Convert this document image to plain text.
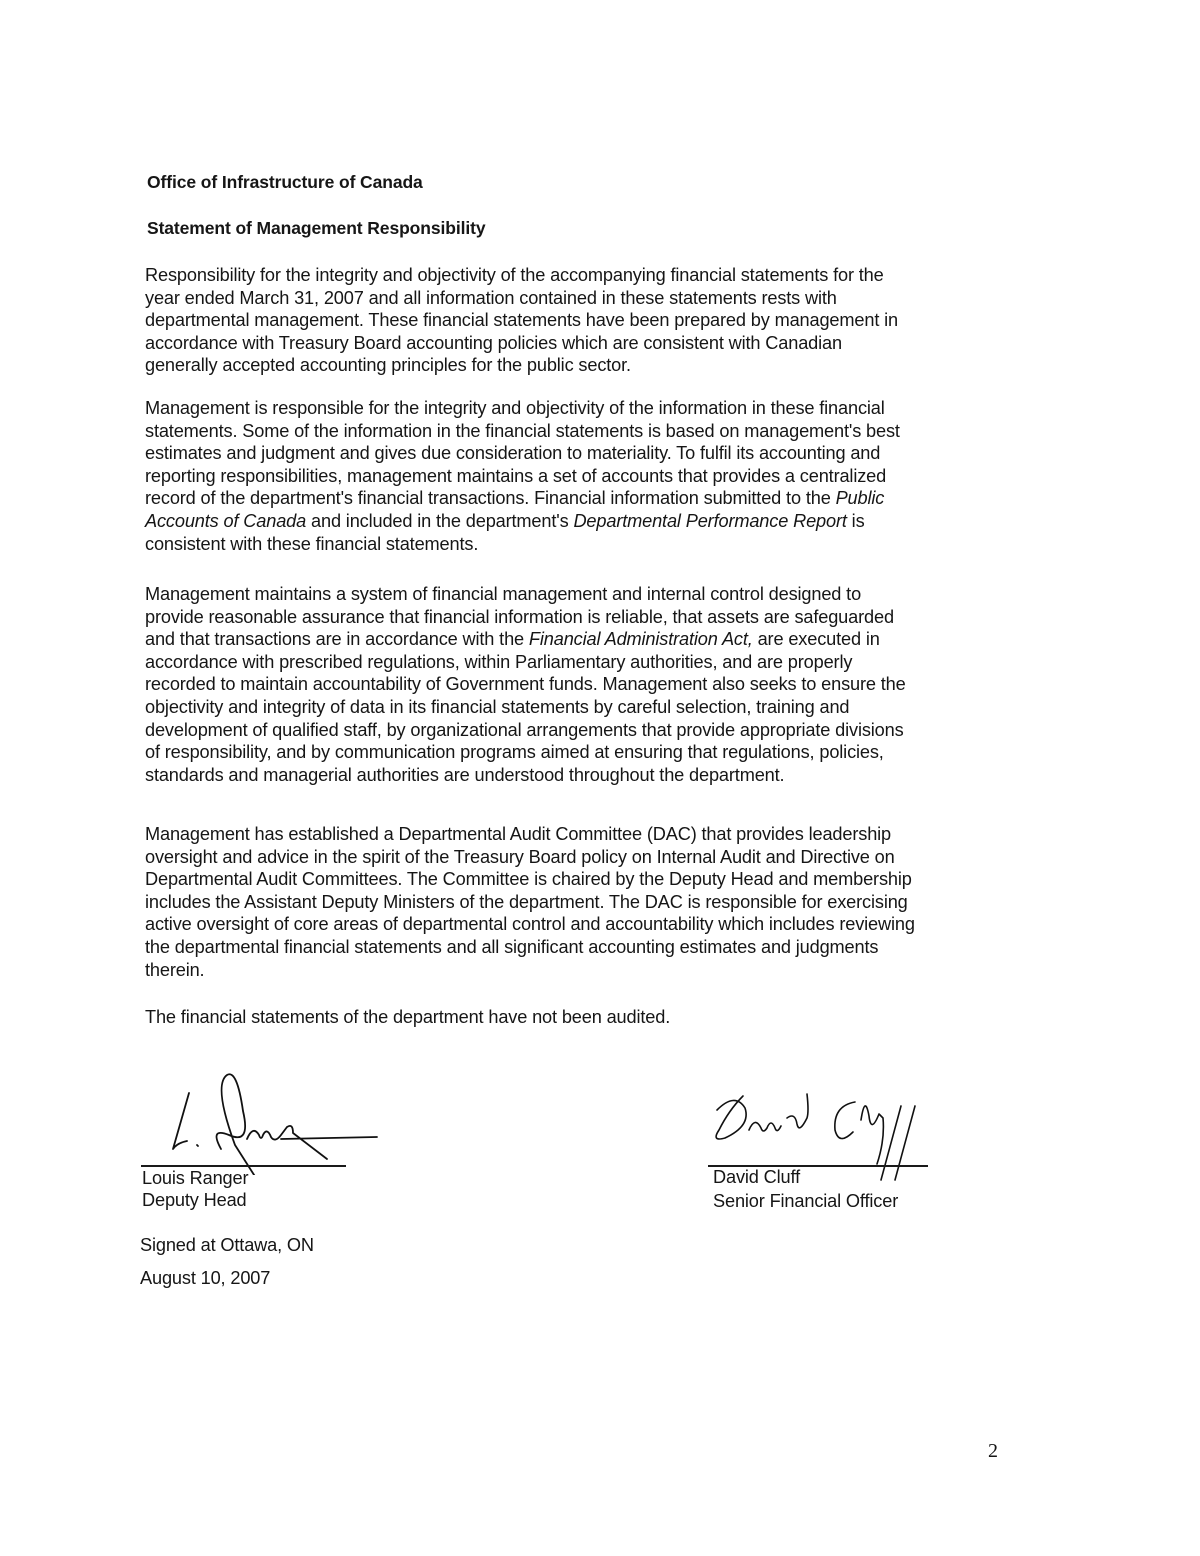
Office of Infrastructure of Canada
Statement of Management Responsibility
Responsibility for the integrity and objectivity of the accompanying financial statements for the
year ended March 31, 2007 and all information contained in these statements rests with
departmental management. These financial statements have been prepared by management in
accordance with Treasury Board accounting policies which are consistent with Canadian
generally accepted accounting principles for the public sector.
Management is responsible for the integrity and objectivity of the information in these financial
statements. Some of the information in the financial statements is based on management's best
estimates and judgment and gives due consideration to materiality. To fulfil its accounting and
reporting responsibilities, management maintains a set of accounts that provides a centralized
record of the department's financial transactions. Financial information submitted to the Public
Accounts of Canada and included in the department's Departmental Performance Report is
consistent with these financial statements.
Management maintains a system of financial management and internal control designed to
provide reasonable assurance that financial information is reliable, that assets are safeguarded
and that transactions are in accordance with the Financial Administration Act, are executed in
accordance with prescribed regulations, within Parliamentary authorities, and are properly
recorded to maintain accountability of Government funds. Management also seeks to ensure the
objectivity and integrity of data in its financial statements by careful selection, training and
development of qualified staff, by organizational arrangements that provide appropriate divisions
of responsibility, and by communication programs aimed at ensuring that regulations, policies,
standards and managerial authorities are understood throughout the department.
Management has established a Departmental Audit Committee (DAC) that provides leadership
oversight and advice in the spirit of the Treasury Board policy on Internal Audit and Directive on
Departmental Audit Committees. The Committee is chaired by the Deputy Head and membership
includes the Assistant Deputy Ministers of the department. The DAC is responsible for exercising
active oversight of core areas of departmental control and accountability which includes reviewing
the departmental financial statements and all significant accounting estimates and judgments
therein.
The financial statements of the department have not been audited.
Louis Ranger
Deputy Head
Signed at Ottawa, ON
August 10, 2007
David Cluff
Senior Financial Officer
2
